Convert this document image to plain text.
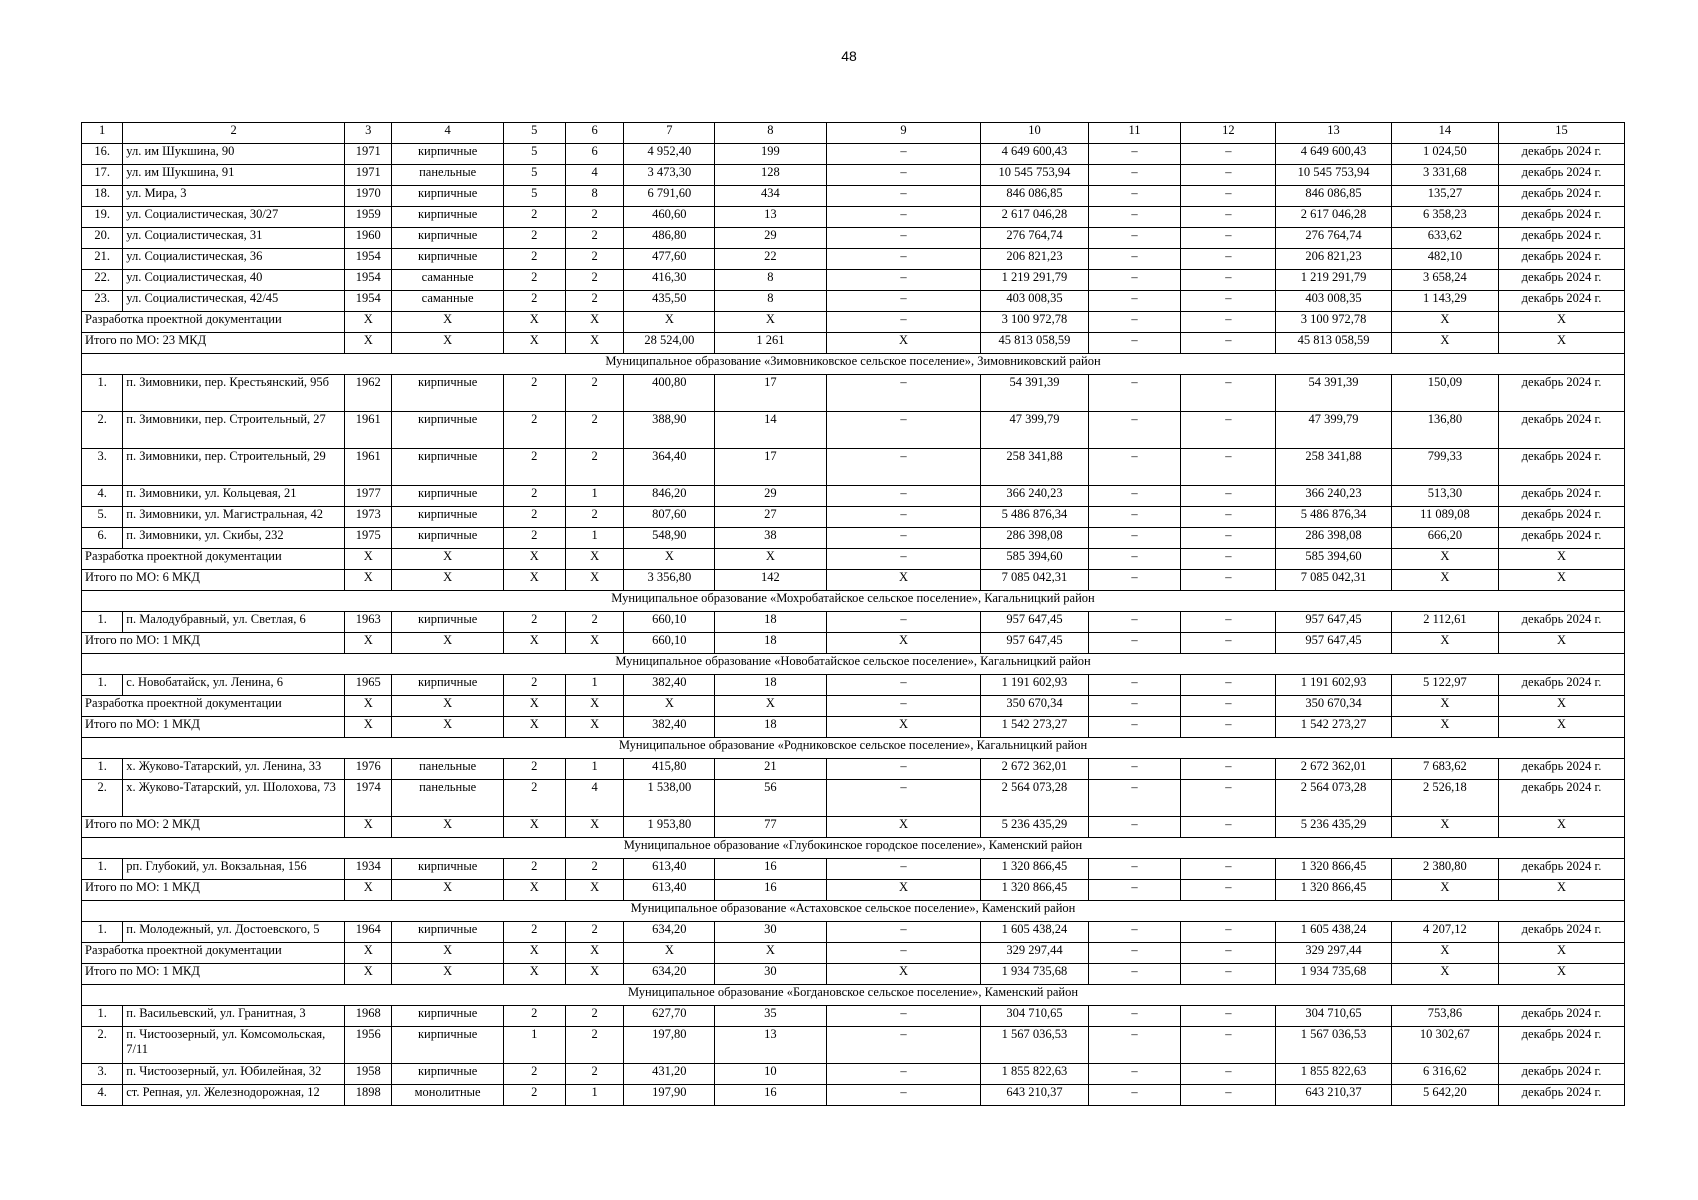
48
1	2	3	4	5	6	7	8	9	10	11	12	13	14	15
16.	ул. им Шукшина, 90	1971	кирпичные	5	6	4 952,40	199	–	4 649 600,43	–	–	4 649 600,43	1 024,50	декабрь 2024 г.
17.	ул. им Шукшина, 91	1971	панельные	5	4	3 473,30	128	–	10 545 753,94	–	–	10 545 753,94	3 331,68	декабрь 2024 г.
18.	ул. Мира, 3	1970	кирпичные	5	8	6 791,60	434	–	846 086,85	–	–	846 086,85	135,27	декабрь 2024 г.
19.	ул. Социалистическая, 30/27	1959	кирпичные	2	2	460,60	13	–	2 617 046,28	–	–	2 617 046,28	6 358,23	декабрь 2024 г.
20.	ул. Социалистическая, 31	1960	кирпичные	2	2	486,80	29	–	276 764,74	–	–	276 764,74	633,62	декабрь 2024 г.
21.	ул. Социалистическая, 36	1954	кирпичные	2	2	477,60	22	–	206 821,23	–	–	206 821,23	482,10	декабрь 2024 г.
22.	ул. Социалистическая, 40	1954	саманные	2	2	416,30	8	–	1 219 291,79	–	–	1 219 291,79	3 658,24	декабрь 2024 г.
23.	ул. Социалистическая, 42/45	1954	саманные	2	2	435,50	8	–	403 008,35	–	–	403 008,35	1 143,29	декабрь 2024 г.
Разработка проектной документации		X	X	X	X	X	X	–	3 100 972,78	–	–	3 100 972,78	X	X
Итого по МО: 23 МКД		X	X	X	X	28 524,00	1 261	X	45 813 058,59	–	–	45 813 058,59	X	X
Муниципальное образование «Зимовниковское сельское поселение», Зимовниковский район														
1.	п. Зимовники, пер. Крестьянский, 95б	1962	кирпичные	2	2	400,80	17	–	54 391,39	–	–	54 391,39	150,09	декабрь 2024 г.
2.	п. Зимовники, пер. Строительный, 27	1961	кирпичные	2	2	388,90	14	–	47 399,79	–	–	47 399,79	136,80	декабрь 2024 г.
3.	п. Зимовники, пер. Строительный, 29	1961	кирпичные	2	2	364,40	17	–	258 341,88	–	–	258 341,88	799,33	декабрь 2024 г.
4.	п. Зимовники, ул. Кольцевая, 21	1977	кирпичные	2	1	846,20	29	–	366 240,23	–	–	366 240,23	513,30	декабрь 2024 г.
5.	п. Зимовники, ул. Магистральная, 42	1973	кирпичные	2	2	807,60	27	–	5 486 876,34	–	–	5 486 876,34	11 089,08	декабрь 2024 г.
6.	п. Зимовники, ул. Скибы, 232	1975	кирпичные	2	1	548,90	38	–	286 398,08	–	–	286 398,08	666,20	декабрь 2024 г.
Разработка проектной документации		X	X	X	X	X	X	–	585 394,60	–	–	585 394,60	X	X
Итого по МО: 6 МКД		X	X	X	X	3 356,80	142	X	7 085 042,31	–	–	7 085 042,31	X	X
Муниципальное образование «Мохробатайское сельское поселение», Кагальницкий район														
1.	п. Малодубравный, ул. Светлая, 6	1963	кирпичные	2	2	660,10	18	–	957 647,45	–	–	957 647,45	2 112,61	декабрь 2024 г.
Итого по МО: 1 МКД		X	X	X	X	660,10	18	X	957 647,45	–	–	957 647,45	X	X
Муниципальное образование «Новобатайское сельское поселение», Кагальницкий район														
1.	с. Новобатайск, ул. Ленина, 6	1965	кирпичные	2	1	382,40	18	–	1 191 602,93	–	–	1 191 602,93	5 122,97	декабрь 2024 г.
Разработка проектной документации		X	X	X	X	X	X	–	350 670,34	–	–	350 670,34	X	X
Итого по МО: 1 МКД		X	X	X	X	382,40	18	X	1 542 273,27	–	–	1 542 273,27	X	X
Муниципальное образование «Родниковское сельское поселение», Кагальницкий район														
1.	х. Жуково-Татарский, ул. Ленина, 33	1976	панельные	2	1	415,80	21	–	2 672 362,01	–	–	2 672 362,01	7 683,62	декабрь 2024 г.
2.	х. Жуково-Татарский, ул. Шолохова, 73	1974	панельные	2	4	1 538,00	56	–	2 564 073,28	–	–	2 564 073,28	2 526,18	декабрь 2024 г.
Итого по МО: 2 МКД		X	X	X	X	1 953,80	77	X	5 236 435,29	–	–	5 236 435,29	X	X
Муниципальное образование «Глубокинское городское поселение», Каменский район														
1.	рп. Глубокий, ул. Вокзальная, 156	1934	кирпичные	2	2	613,40	16	–	1 320 866,45	–	–	1 320 866,45	2 380,80	декабрь 2024 г.
Итого по МО: 1 МКД		X	X	X	X	613,40	16	X	1 320 866,45	–	–	1 320 866,45	X	X
Муниципальное образование «Астаховское сельское поселение», Каменский район														
1.	п. Молодежный, ул. Достоевского, 5	1964	кирпичные	2	2	634,20	30	–	1 605 438,24	–	–	1 605 438,24	4 207,12	декабрь 2024 г.
Разработка проектной документации		X	X	X	X	X	X	–	329 297,44	–	–	329 297,44	X	X
Итого по МО: 1 МКД		X	X	X	X	634,20	30	X	1 934 735,68	–	–	1 934 735,68	X	X
Муниципальное образование «Богдановское сельское поселение», Каменский район														
1.	п. Васильевский, ул. Гранитная, 3	1968	кирпичные	2	2	627,70	35	–	304 710,65	–	–	304 710,65	753,86	декабрь 2024 г.
2.	п. Чистоозерный, ул. Комсомольская, 7/11	1956	кирпичные	1	2	197,80	13	–	1 567 036,53	–	–	1 567 036,53	10 302,67	декабрь 2024 г.
3.	п. Чистоозерный, ул. Юбилейная, 32	1958	кирпичные	2	2	431,20	10	–	1 855 822,63	–	–	1 855 822,63	6 316,62	декабрь 2024 г.
4.	ст. Репная, ул. Железнодорожная, 12	1898	монолитные	2	1	197,90	16	–	643 210,37	–	–	643 210,37	5 642,20	декабрь 2024 г.
